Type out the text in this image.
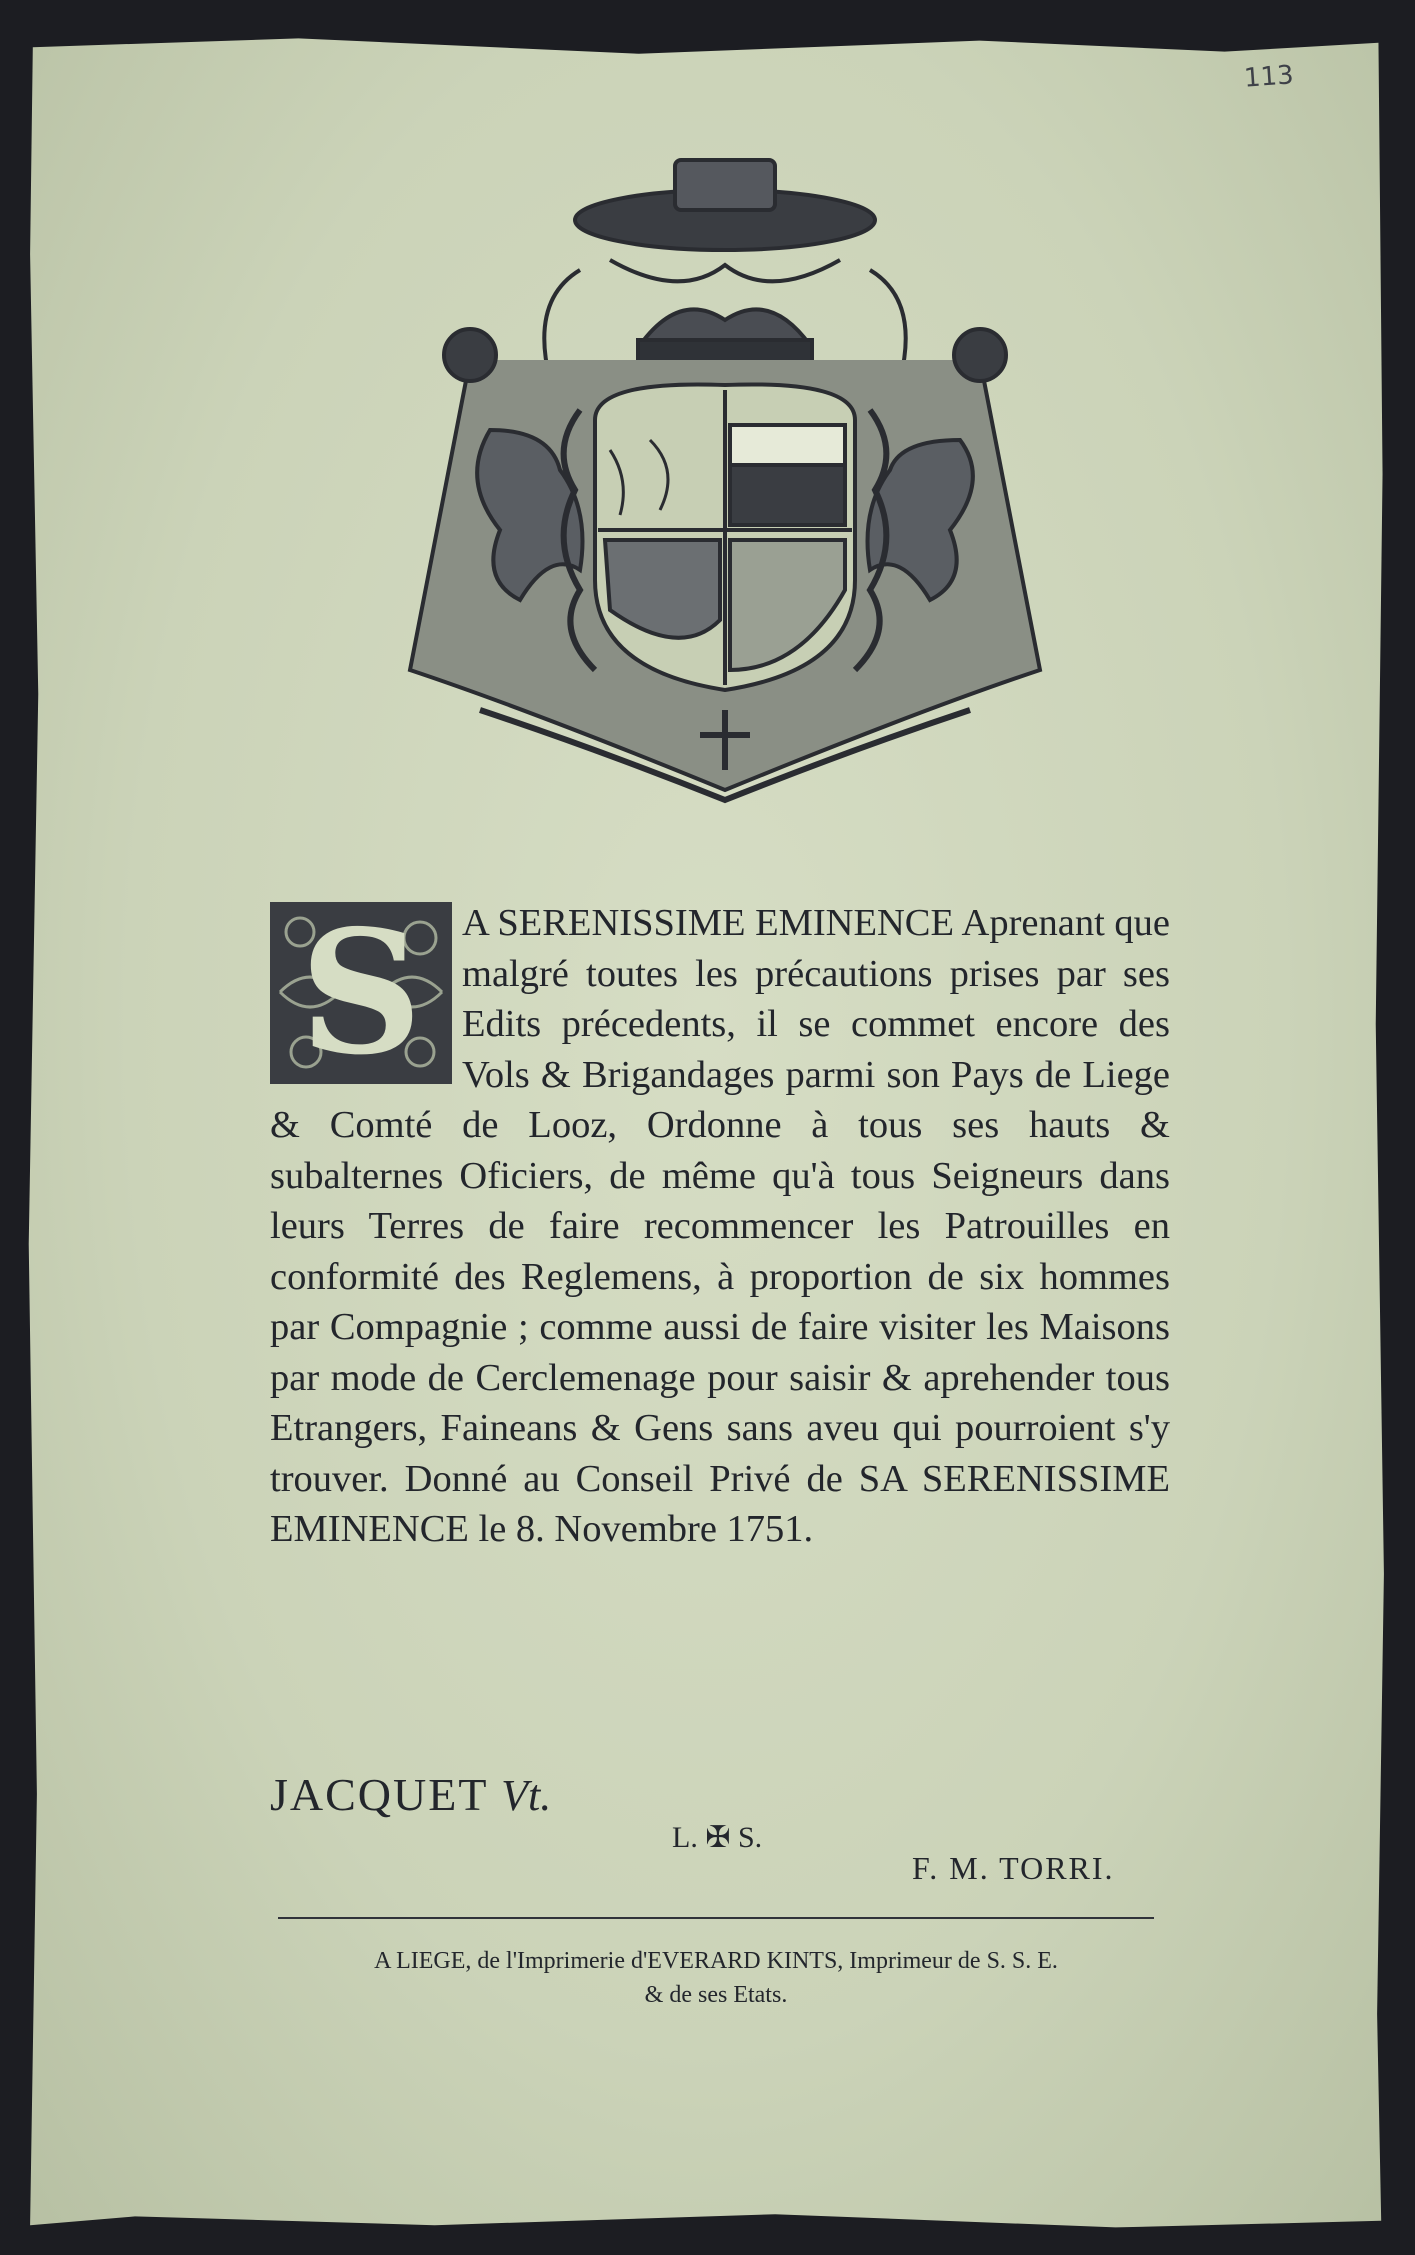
113
S	A SERENISSIME EMINENCE Aprenant que malgré toutes les précautions prises par ses Edits précedents, il se commet encore des Vols & Brigandages parmi son Pays de Liege & Comté de Looz, Ordonne à tous ses hauts & subalternes Oficiers, de même qu'à tous Seigneurs dans leurs Terres de faire recommencer les Patrouilles en conformité des Reglemens, à proportion de six hommes par Compagnie ; comme aussi de faire visiter les Maisons par mode de Cerclemenage pour saisir & aprehender tous Etrangers, Faineans & Gens sans aveu qui pourroient s'y trouver. Donné au Conseil Privé de SA SERENISSIME EMINENCE le 8. Novembre 1751.

JACQUET Vt.
L. ✠ S.
F. M. TORRI.
A LIEGE, de l'Imprimerie d'EVERARD KINTS, Imprimeur de S. S. E.
& de ses Etats.
